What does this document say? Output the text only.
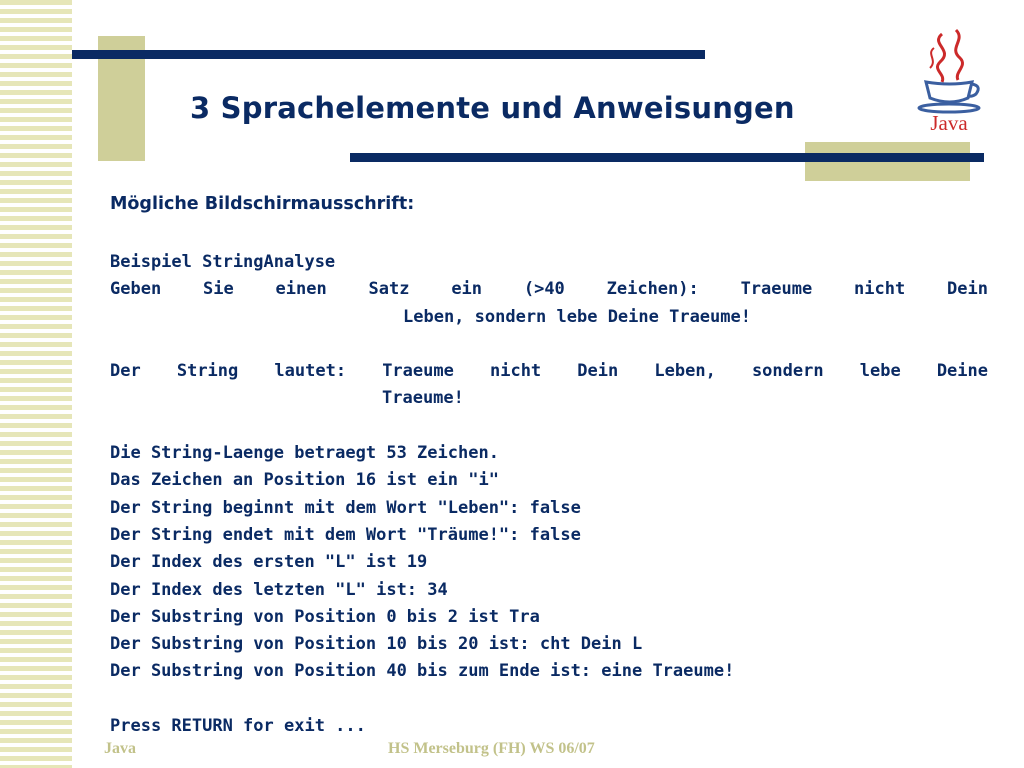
3 Sprachelemente und Anweisungen	Java
Mögliche Bildschirmausschrift:
Beispiel StringAnalyse
Geben Sie einen Satz ein (>40 Zeichen): Traeume nicht Dein
Leben, sondern lebe Deine Traeume!
Der String lautet: Traeume nicht Dein Leben, sondern lebe Deine
Traeume!
Die String-Laenge betraegt 53 Zeichen.
Das Zeichen an Position 16 ist ein "i"
Der String beginnt mit dem Wort "Leben": false
Der String endet mit dem Wort "Träume!": false
Der Index des ersten "L" ist 19
Der Index des letzten "L" ist: 34
Der Substring von Position 0 bis 2 ist Tra
Der Substring von Position 10 bis 20 ist: cht Dein L
Der Substring von Position 40 bis zum Ende ist: eine Traeume!
Press RETURN for exit ...

Java	HS Merseburg (FH) WS 06/07
